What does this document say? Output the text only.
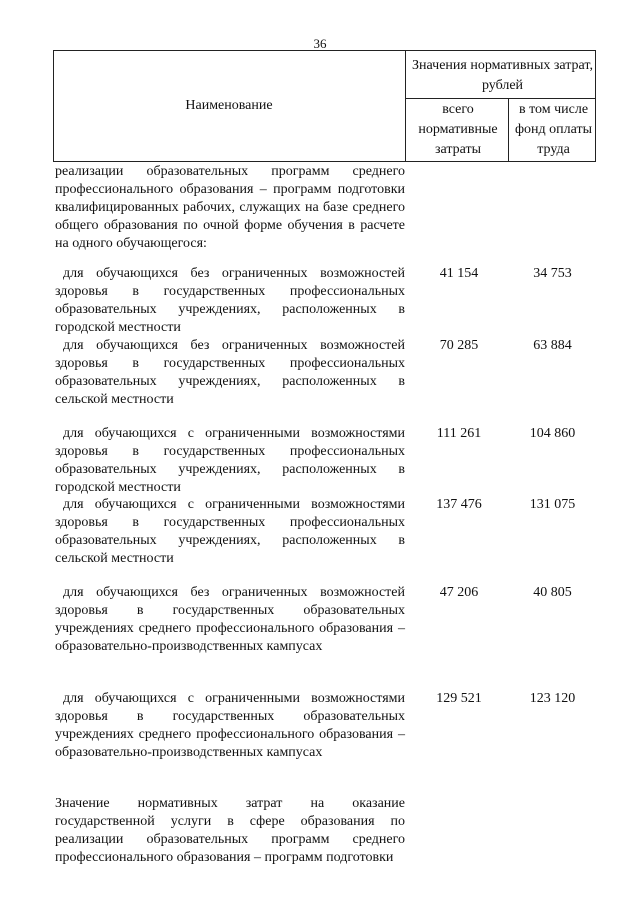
36
Наименование
Значения нормативных затрат, рублей
всего нормативные затраты
в том числе фонд оплаты труда
реализации образовательных программ среднего профессионального образования – программ подготовки квалифицированных рабочих, служащих на базе среднего общего образования по очной форме обучения в расчете на одного обучающегося:
для обучающихся без ограниченных возможностей здоровья в государственных профессиональных образовательных учреждениях, расположенных в городской местности
41 154	34 753
для обучающихся без ограниченных возможностей здоровья в государственных профессиональных образовательных учреждениях, расположенных в сельской местности
70 285	63 884
для обучающихся с ограниченными возможностями здоровья в государственных профессиональных образовательных учреждениях, расположенных в городской местности
111 261	104 860
для обучающихся с ограниченными возможностями здоровья в государственных профессиональных образовательных учреждениях, расположенных в сельской местности
137 476	131 075
для обучающихся без ограниченных возможностей здоровья в государственных образовательных учреждениях среднего профессионального образования – образовательно-производственных кампусах
47 206	40 805
для обучающихся с ограниченными возможностями здоровья в государственных образовательных учреждениях среднего профессионального образования – образовательно-производственных кампусах
129 521	123 120
Значение нормативных затрат на оказание государственной услуги в сфере образования по реализации образовательных программ среднего профессионального образования – программ подготовки
